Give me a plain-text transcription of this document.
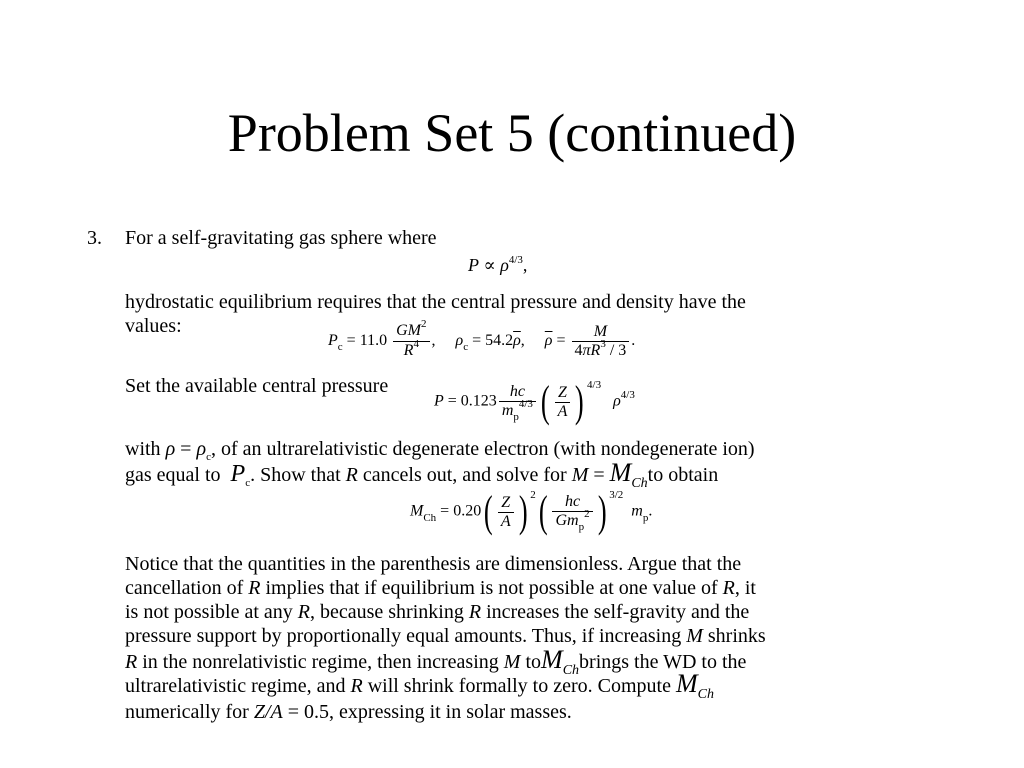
Problem Set 5 (continued)
3. For a self-gravitating gas sphere where
$P \propto \rho^{4/3}$,
hydrostatic equilibrium requires that the central pressure and density have the
values:
$P_c = 11.0 \frac{GM^2}{R^4}$ ,     $\rho_c = 54.2\overline{\rho}$,     $\overline{\rho} = \frac{M}{4\pi R^3 / 3}$ .
Set the available central pressure
$P = 0.123 \frac{hc}{m_p^{4/3}}$ ( $\frac{Z}{A}$ ) $^{4/3}$   $\rho^{4/3}$
with $\rho = \rho_c$, of an ultrarelativistic degenerate electron (with nondegenerate ion)
gas equal to $P_c$. Show that R cancels out, and solve for $M = M_{Ch}to$ obtain
$M_{Ch} = 0.20( \frac{Z}{A}$ ) $^2( \frac{hc}{Gm_p^2}$ ) $^{3/2}$  $m_p$.
Notice that the quantities in the parenthesis are dimensionless. Argue that the
cancellation of R implies that if equilibrium is not possible at one value of R, it
is not possible at any R, because shrinking R increases the self-gravity and the
pressure support by proportionally equal amounts. Thus, if increasing M shrinks
R in the nonrelativistic regime, then increasing M toM$_{Ch}$brings the WD to the
ultrarelativistic regime, and R will shrink formally to zero. Compute $M_{Ch}$
numerically for Z/A = 0.5, expressing it in solar masses.
